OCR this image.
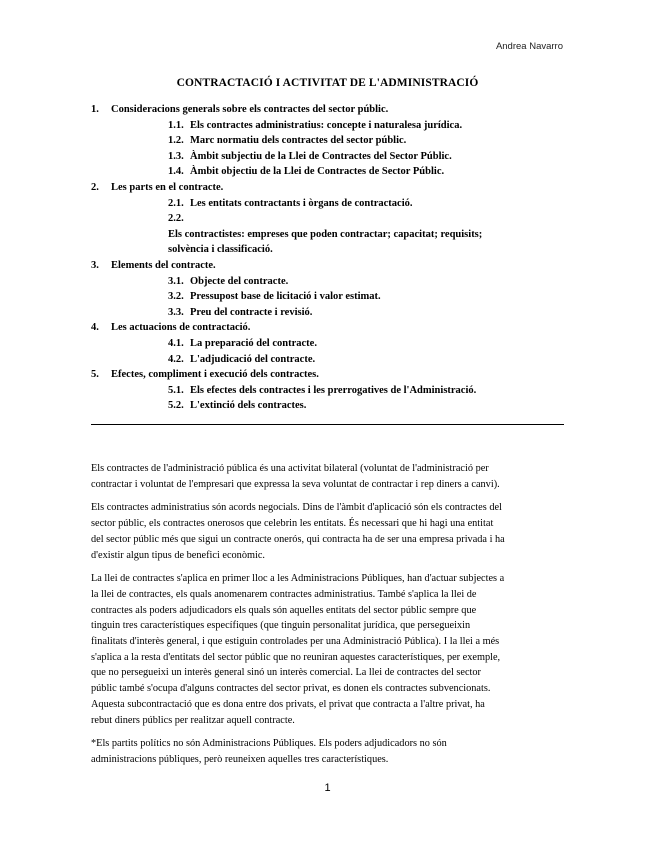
Andrea Navarro
CONTRACTACIÓ I ACTIVITAT DE L'ADMINISTRACIÓ
1. Consideracions generals sobre els contractes del sector públic.
1.1. Els contractes administratius: concepte i naturalesa jurídica.
1.2. Marc normatiu dels contractes del sector públic.
1.3. Àmbit subjectiu de la Llei de Contractes del Sector Públic.
1.4. Àmbit objectiu de la Llei de Contractes de Sector Públic.
2. Les parts en el contracte.
2.1. Les entitats contractants i òrgans de contractació.
2.2.Els contractistes: empreses que poden contractar; capacitat; requisits;
solvència i classificació.
3. Elements del contracte.
3.1. Objecte del contracte.
3.2. Pressupost base de licitació i valor estimat.
3.3. Preu del contracte i revisió.
4. Les actuacions de contractació.
4.1. La preparació del contracte.
4.2. L'adjudicació del contracte.
5. Efectes, compliment i execució dels contractes.
5.1. Els efectes dels contractes i les prerrogatives de l'Administració.
5.2. L'extinció dels contractes.

Els contractes de l'administració pública és una activitat bilateral (voluntat de l'administració per
contractar i voluntat de l'empresari que expressa la seva voluntat de contractar i rep diners a canvi).

Els contractes administratius són acords negocials. Dins de l'àmbit d'aplicació són els contractes del
sector públic, els contractes onerosos que celebrin les entitats. És necessari que hi hagi una entitat
del sector públic més que sigui un contracte onerós, qui contracta ha de ser una empresa privada i ha
d'existir algun tipus de benefici econòmic.

La llei de contractes s'aplica en primer lloc a les Administracions Públiques, han d'actuar subjectes a
la llei de contractes, els quals anomenarem contractes administratius. També s'aplica la llei de
contractes als poders adjudicadors els quals són aquelles entitats del sector públic sempre que
tinguin tres característiques específiques (que tinguin personalitat jurídica, que persegueixin
finalitats d'interès general, i que estiguin controlades per una Administració Pública). I la llei a més
s'aplica a la resta d'entitats del sector públic que no reuniran aquestes característiques, per exemple,
que no persegueixi un interès general sinó un interès comercial. La llei de contractes del sector
públic també s'ocupa d'alguns contractes del sector privat, es donen els contractes subvencionats.
Aquesta subcontractació que es dona entre dos privats, el privat que contracta a l'altre privat, ha
rebut diners públics per realitzar aquell contracte.

*Els partits polítics no són Administracions Públiques. Els poders adjudicadors no són
administracions públiques, però reuneixen aquelles tres característiques.

1
